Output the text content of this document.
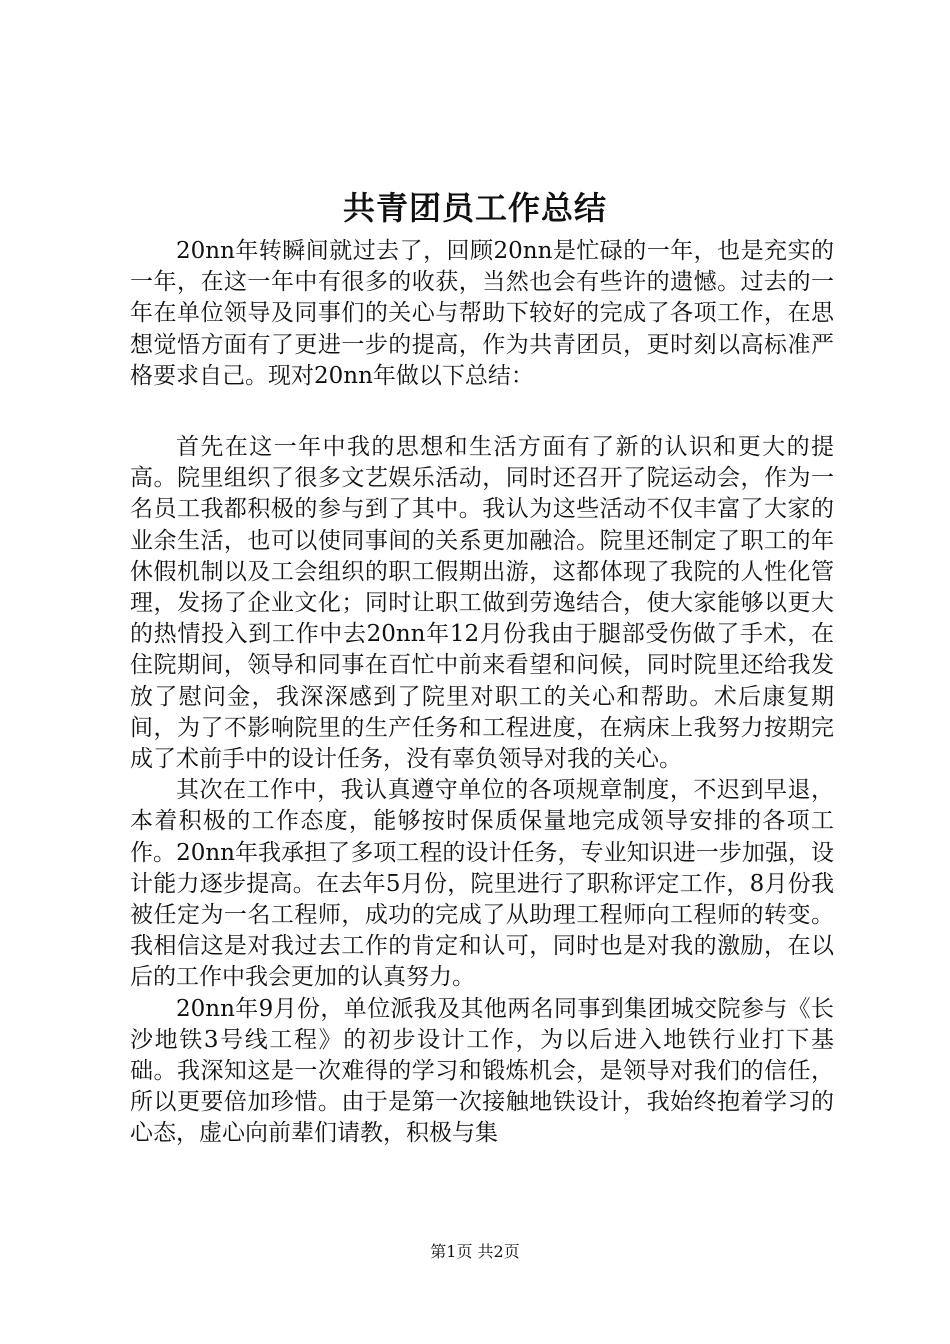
共青团员工作总结

20nn年转瞬间就过去了，回顾20nn是忙碌的一年，也是充实的一年，在这一年中有很多的收获，当然也会有些许的遗憾。过去的一年在单位领导及同事们的关心与帮助下较好的完成了各项工作，在思想觉悟方面有了更进一步的提高，作为共青团员，更时刻以高标准严格要求自己。现对20nn年做以下总结：

首先在这一年中我的思想和生活方面有了新的认识和更大的提高。院里组织了很多文艺娱乐活动，同时还召开了院运动会，作为一名员工我都积极的参与到了其中。我认为这些活动不仅丰富了大家的业余生活，也可以使同事间的关系更加融洽。院里还制定了职工的年休假机制以及工会组织的职工假期出游，这都体现了我院的人性化管理，发扬了企业文化；同时让职工做到劳逸结合，使大家能够以更大的热情投入到工作中去20nn年12月份我由于腿部受伤做了手术，在住院期间，领导和同事在百忙中前来看望和问候，同时院里还给我发放了慰问金，我深深感到了院里对职工的关心和帮助。术后康复期间，为了不影响院里的生产任务和工程进度，在病床上我努力按期完成了术前手中的设计任务，没有辜负领导对我的关心。

其次在工作中，我认真遵守单位的各项规章制度，不迟到早退，本着积极的工作态度，能够按时保质保量地完成领导安排的各项工作。20nn年我承担了多项工程的设计任务，专业知识进一步加强，设计能力逐步提高。在去年5月份，院里进行了职称评定工作，8月份我被任定为一名工程师，成功的完成了从助理工程师向工程师的转变。我相信这是对我过去工作的肯定和认可，同时也是对我的激励，在以后的工作中我会更加的认真努力。

20nn年9月份，单位派我及其他两名同事到集团城交院参与《长沙地铁3号线工程》的初步设计工作，为以后进入地铁行业打下基础。我深知这是一次难得的学习和锻炼机会，是领导对我们的信任，所以更要倍加珍惜。由于是第一次接触地铁设计，我始终抱着学习的心态，虚心向前辈们请教，积极与集

第1页 共2页
